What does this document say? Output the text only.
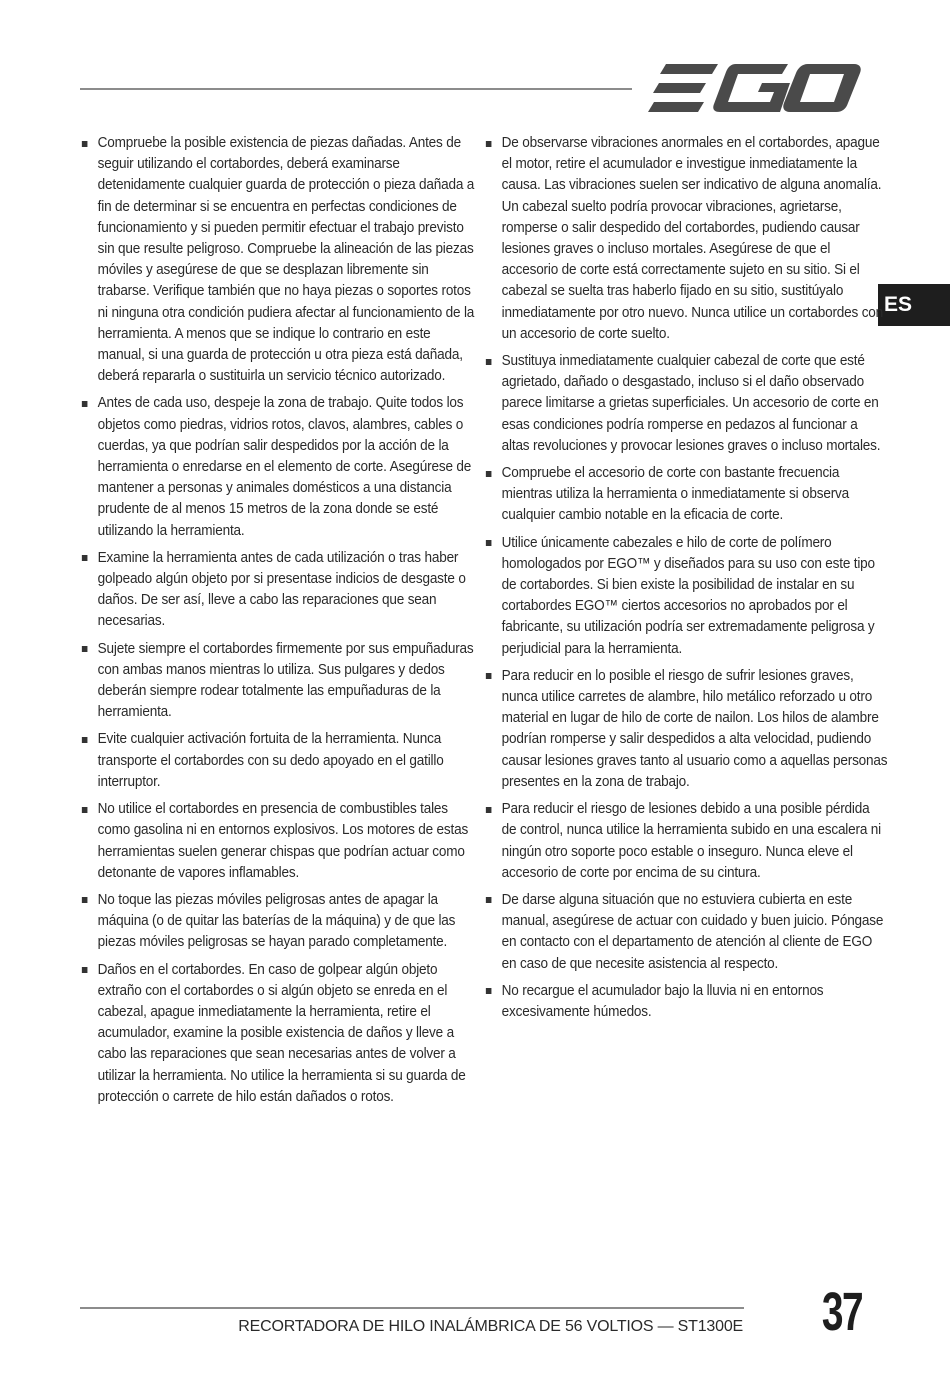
ES
Compruebe la posible existencia de piezas dañadas. Antes de seguir utilizando el cortabordes, deberá examinarse detenidamente cualquier guarda de protección o pieza dañada a fin de determinar si se encuentra en perfectas condiciones de funcionamiento y si pueden permitir efectuar el trabajo previsto sin que resulte peligroso. Compruebe la alineación de las piezas móviles y asegúrese de que se desplazan libremente sin trabarse. Verifique también que no haya piezas o soportes rotos ni ninguna otra condición pudiera afectar al funcionamiento de la herramienta. A menos que se indique lo contrario en este manual, si una guarda de protección u otra pieza está dañada, deberá repararla o sustituirla un servicio técnico autorizado.
Antes de cada uso, despeje la zona de trabajo. Quite todos los objetos como piedras, vidrios rotos, clavos, alambres, cables o cuerdas, ya que podrían salir despedidos por la acción de la herramienta o enredarse en el elemento de corte. Asegúrese de mantener a personas y animales domésticos a una distancia prudente de al menos 15 metros de la zona donde se esté utilizando la herramienta.
Examine la herramienta antes de cada utilización o tras haber golpeado algún objeto por si presentase indicios de desgaste o daños. De ser así, lleve a cabo las reparaciones que sean necesarias.
Sujete siempre el cortabordes firmemente por sus empuñaduras con ambas manos mientras lo utiliza. Sus pulgares y dedos deberán siempre rodear totalmente las empuñaduras de la herramienta.
Evite cualquier activación fortuita de la herramienta. Nunca transporte el cortabordes con su dedo apoyado en el gatillo interruptor.
No utilice el cortabordes en presencia de combustibles tales como gasolina ni en entornos explosivos. Los motores de estas herramientas suelen generar chispas que podrían actuar como detonante de vapores inflamables.
No toque las piezas móviles peligrosas antes de apagar la máquina (o de quitar las baterías de la máquina) y de que las piezas móviles peligrosas se hayan parado completamente.
Daños en el cortabordes. En caso de golpear algún objeto extraño con el cortabordes o si algún objeto se enreda en el cabezal, apague inmediatamente la herramienta, retire el acumulador, examine la posible existencia de daños y lleve a cabo las reparaciones que sean necesarias antes de volver a utilizar la herramienta. No utilice la herramienta si su guarda de protección o carrete de hilo están dañados o rotos.
De observarse vibraciones anormales en el cortabordes, apague el motor, retire el acumulador e investigue inmediatamente la causa. Las vibraciones suelen ser indicativo de alguna anomalía. Un cabezal suelto podría provocar vibraciones, agrietarse, romperse o salir despedido del cortabordes, pudiendo causar lesiones graves o incluso mortales. Asegúrese de que el accesorio de corte está correctamente sujeto en su sitio. Si el cabezal se suelta tras haberlo fijado en su sitio, sustitúyalo inmediatamente por otro nuevo. Nunca utilice un cortabordes con un accesorio de corte suelto.
Sustituya inmediatamente cualquier cabezal de corte que esté agrietado, dañado o desgastado, incluso si el daño observado parece limitarse a grietas superficiales. Un accesorio de corte en esas condiciones podría romperse en pedazos al funcionar a altas revoluciones y provocar lesiones graves o incluso mortales.
Compruebe el accesorio de corte con bastante frecuencia mientras utiliza la herramienta o inmediatamente si observa cualquier cambio notable en la eficacia de corte.
Utilice únicamente cabezales e hilo de corte de polímero homologados por EGO™ y diseñados para su uso con este tipo de cortabordes. Si bien existe la posibilidad de instalar en su cortabordes EGO™ ciertos accesorios no aprobados por el fabricante, su utilización podría ser extremadamente peligrosa y perjudicial para la herramienta.
Para reducir en lo posible el riesgo de sufrir lesiones graves, nunca utilice carretes de alambre, hilo metálico reforzado u otro material en lugar de hilo de corte de nailon. Los hilos de alambre podrían romperse y salir despedidos a alta velocidad, pudiendo causar lesiones graves tanto al usuario como a aquellas personas presentes en la zona de trabajo.
Para reducir el riesgo de lesiones debido a una posible pérdida de control, nunca utilice la herramienta subido en una escalera ni ningún otro soporte poco estable o inseguro. Nunca eleve el accesorio de corte por encima de su cintura.
De darse alguna situación que no estuviera cubierta en este manual, asegúrese de actuar con cuidado y buen juicio. Póngase en contacto con el departamento de atención al cliente de EGO en caso de que necesite asistencia al respecto.
No recargue el acumulador bajo la lluvia ni en entornos excesivamente húmedos.
RECORTADORA DE HILO INALÁMBRICA DE 56 VOLTIOS — ST1300E 37
